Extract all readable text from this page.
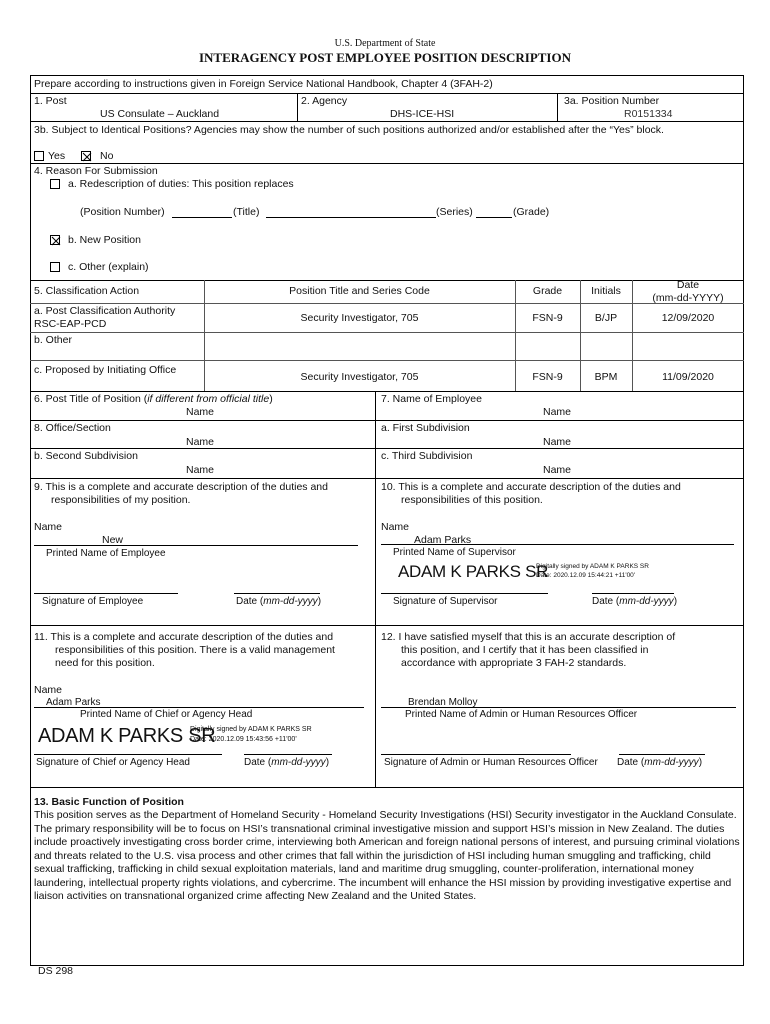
U.S. Department of State
INTERAGENCY POST EMPLOYEE POSITION DESCRIPTION
Prepare according to instructions given in Foreign Service National Handbook, Chapter 4 (3FAH-2)
1. Post
US Consulate – Auckland
2. Agency
DHS-ICE-HSI
3a. Position Number
R0151334
3b. Subject to Identical Positions? Agencies may show the number of such positions authorized and/or established after the “Yes” block.
Yes	No
4. Reason For Submission
a. Redescription of duties: This position replaces
(Position Number)	(Title)	(Series)	(Grade)
b. New Position
c. Other (explain)
5. Classification Action	Position Title and Series Code	Grade	Initials	Date
(mm-dd-YYYY)
a. Post Classification Authority
RSC-EAP-PCD	Security Investigator, 705	FSN-9	B/JP	12/09/2020
b. Other
c. Proposed by Initiating Office
Security Investigator, 705	FSN-9	BPM	11/09/2020
6. Post Title of Position (if different from official title)
Name
7. Name of Employee
Name
8. Office/Section
Name
a. First Subdivision
Name
b. Second Subdivision
Name
c. Third Subdivision
Name
9. This is a complete and accurate description of the duties and
responsibilities of my position.
Name
New
Printed Name of Employee
Signature of Employee	Date (mm-dd-yyyy)
10. This is a complete and accurate description of the duties and
responsibilities of this position.
Name
Adam Parks
Printed Name of Supervisor
ADAM K PARKS SR
Digitally signed by ADAM K PARKS SR
Date: 2020.12.09 15:44:21 +11'00'
Signature of Supervisor	Date (mm-dd-yyyy)
11. This is a complete and accurate description of the duties and
responsibilities of this position. There is a valid management
need for this position.
Name
Adam Parks
Printed Name of Chief or Agency Head
ADAM K PARKS SR
Digitally signed by ADAM K PARKS SR
Date: 2020.12.09 15:43:56 +11'00'
Signature of Chief or Agency Head	Date (mm-dd-yyyy)
12. I have satisfied myself that this is an accurate description of
this position, and I certify that it has been classified in
accordance with appropriate 3 FAH-2 standards.
Brendan Molloy
Printed Name of Admin or Human Resources Officer
Signature of Admin or Human Resources Officer Date (mm-dd-yyyy)
13. Basic Function of Position
This position serves as the Department of Homeland Security - Homeland Security Investigations (HSI) Security investigator in the Auckland Consulate. The primary responsibility will be to focus on HSI’s transnational criminal investigative mission and support HSI’s mission in New Zealand. The duties include proactively investigating cross border crime, interviewing both American and foreign national persons of interest, and pursuing criminal violations and threats related to the U.S. visa process and other crimes that fall within the jurisdiction of HSI including human smuggling and trafficking, child sexual trafficking, trafficking in child sexual exploitation materials, land and maritime drug smuggling, counter-proliferation, international money laundering, intellectual property rights violations, and cybercrime. The incumbent will enhance the HSI mission by providing investigative expertise and liaison activities on transnational organized crime affecting New Zealand and the United States.
DS 298
